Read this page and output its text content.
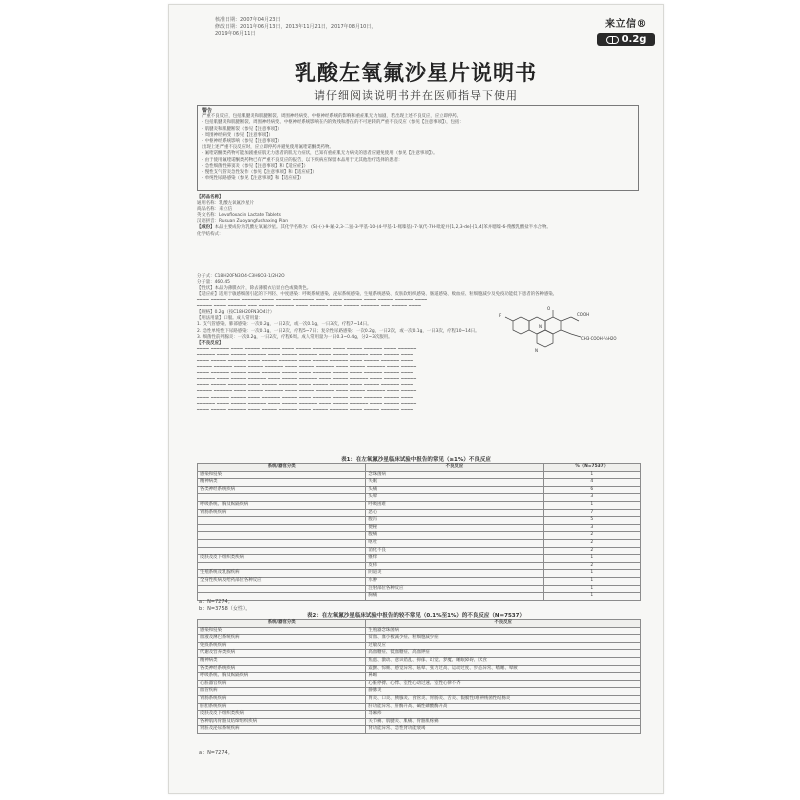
核准日期：2007年04月23日
修改日期：2011年06月13日，2013年11月21日，2017年08月10日，
2019年06月11日
来立信®
0.2g
乳酸左氧氟沙星片说明书
请仔细阅读说明书并在医师指导下使用
警告
严重不良反应，包括肌腱炎和肌腱断裂、周围神经病变、中枢神经系统的影响和重症肌无力加剧，若出现上述不良反应，应立即停药。
· 包括肌腱炎和肌腱断裂、周围神经病变、中枢神经系统影响在内的致残和潜在的不可逆转的严重不良反应（参见【注意事项】），包括：
· 肌腱炎和肌腱断裂（参见【注意事项】）
· 周围神经病变（参见【注意事项】）
· 中枢神经系统影响（参见【注意事项】）
出现上述严重不良反应时，应立即停药并避免使用氟喹诺酮类药物。
· 氟喹诺酮类药物可能加剧重症肌无力患者的肌无力症状，已知有重症肌无力病史的患者应避免使用（参见【注意事项】）。
· 由于使用氟喹诺酮类药物已有严重不良反应的报告，以下疾病应保留本品用于无其他治疗选择的患者：
· 急性细菌性鼻窦炎（参见【注意事项】和【适应症】）
· 慢性支气管炎急性发作（参见【注意事项】和【适应症】）
· 单纯性尿路感染（参见【注意事项】和【适应症】）
【药品名称】
通用名称：乳酸左氧氟沙星片
商品名称：来立信
英文名称：Levofloxacin Lactate Tablets
汉语拼音：Rusuan Zuoyangfushaxing Pian
【成份】本品主要成份为乳酸左氧氟沙星。其化学名称为：(S)-(-)-9-氟-2,3-二氢-3-甲基-10-(4-甲基-1-哌嗪基)-7-氧代-7H-吡啶并[1,2,3-de]-[1,4]苯并噁嗪-6-羧酸乳酸盐半水合物。
化学结构式：
分子式：C18H20FN3O4·C3H6O3·1/2H2O
分子量：460.45
【性状】本品为薄膜衣片，除去薄膜衣后显白色或微黄色。
【适应症】适用于敏感细菌引起的下列轻、中度感染：呼吸系统感染、泌尿系统感染、生殖系统感染、皮肤软组织感染、肠道感染、败血症、粒细胞减少及免疫功能低下患者的各种感染。
━━━━ ━━━━━ ━━━━ ━━━━━━ ━━━━ ━━━━━ ━━━━━━━ ━━━ ━━━━━ ━━━━━━ ━━━━ ━━━━━ ━━━━━━ ━━━━
━━━━━ ━━━━ ━━━━━━ ━━━ ━━━━━ ━━━━━━ ━━━━ ━━━━━━ ━━━━ ━━━━━ ━━━━━━ ━━━ ━━━━━ ━━━━
【规格】0.2g（按C18H20FN3O4计）
【用法用量】口服。成人常用量：
1. 支气管感染、肺部感染：一次0.2g，一日2次，或一次0.1g，一日3次，疗程7~14日。
2. 急性单纯性下尿路感染：一次0.1g，一日2次，疗程5~7日；复杂性尿路感染：一次0.2g，一日2次，或一次0.1g，一日3次，疗程10~14日。
3. 细菌性前列腺炎：一次0.2g，一日2次，疗程6周。成人常用量为一日0.3~0.4g，分2~3次服用。
【不良反应】
━━━━ ━━━━━━ ━━━━ ━━━━━ ━━━━━━ ━━━━ ━━━━━ ━━━━━━ ━━━━ ━━━━━ ━━━━━━ ━━━━ ━━━━━━
━━━━━━ ━━━━ ━━━━━ ━━━━━━ ━━━━ ━━━━━ ━━━━━━ ━━━━ ━━━━━ ━━━━━━ ━━━━ ━━━━━ ━━━━
━━━━ ━━━━━ ━━━━━━ ━━━━ ━━━━━ ━━━━━━ ━━━━ ━━━━━ ━━━━━━ ━━━━ ━━━━━ ━━━━━━ ━━━━
━━━━━ ━━━━━━ ━━━━ ━━━━━ ━━━━━━ ━━━━ ━━━━━ ━━━━━━ ━━━━ ━━━━━ ━━━━━━ ━━━━ ━━━━━
━━━━ ━━━━━━ ━━━━━ ━━━━ ━━━━━━ ━━━━━ ━━━━ ━━━━━━ ━━━━━ ━━━━ ━━━━━━ ━━━━━ ━━━━
━━━━━━ ━━━━ ━━━━━ ━━━━━━ ━━━━ ━━━━━ ━━━━━━ ━━━━ ━━━━━ ━━━━━━ ━━━━ ━━━━━ ━━━━━
━━━━ ━━━━━ ━━━━━━ ━━━━ ━━━━━ ━━━━━━ ━━━━ ━━━━━ ━━━━━━ ━━━━ ━━━━━ ━━━━━━ ━━━━
━━━━━ ━━━━━━ ━━━━ ━━━━━ ━━━━━━ ━━━━ ━━━━━ ━━━━━━ ━━━━ ━━━━━ ━━━━━━ ━━━━ ━━━━━
━━━━ ━━━━━━ ━━━━━ ━━━━ ━━━━━━ ━━━━━ ━━━━ ━━━━━━ ━━━━━ ━━━━ ━━━━━━ ━━━━━ ━━━━
━━━━━━ ━━━━ ━━━━━ ━━━━━━ ━━━━ ━━━━━ ━━━━━━ ━━━━ ━━━━━ ━━━━━━ ━━━━ ━━━━━ ━━━━━
━━━━ ━━━━━ ━━━━━━ ━━━━ ━━━━━ ━━━━━━ ━━━━ ━━━━━ ━━━━━━ ━━━━ ━━━━━ ━━━━━━ ━━━━
O
COOH
F
CH3·COOH·½H2O
N
N
表1：在左氧氟沙星临床试验中报告的常见（≥1%）不良反应
系统/器官分类	不良反应	%（N=7537）
感染和侵染	念珠菌病	1
精神病类	失眠	4
各类神经系统疾病	头痛	6
	头晕	3
呼吸系统、胸及纵隔疾病	呼吸困难	1
胃肠系统疾病	恶心	7
	腹泻	5
	便秘	3
	腹痛	2
	呕吐	2
	消化不良	2
皮肤及皮下组织类疾病	瘙痒	1
	皮疹	2
生殖系统及乳腺疾病	阴道炎	1
全身性疾病及给药部位各种反应	水肿	1
	注射部位各种反应	1
	胸痛	1
a：N=7274。
b：N=3758（女性）。
表2：在左氧氟沙星临床试验中报告的较不常见（0.1%至1%）的不良反应（N=7537）
系统/器官分类	不良反应
感染和侵染	生殖器念珠菌病
血液及淋巴系统疾病	贫血、血小板减少症、粒细胞减少症
免疫系统疾病	过敏反应
代谢及营养类疾病	高血糖症、低血糖症、高血钾症
精神病类	焦虑、激动、意识错乱、抑郁、幻觉、梦魇、睡眠障碍、厌食
各类神经系统疾病	震颤、惊厥、感觉异常、眩晕、张力过高、运动过度、步态异常、嗜睡、晕厥
呼吸系统、胸及纵隔疾病	鼻衄
心脏器官疾病	心脏停搏、心悸、室性心动过速、室性心律不齐
血管疾病	静脉炎
胃肠系统疾病	胃炎、口炎、胰腺炎、食管炎、胃肠炎、舌炎、假膜性/难辨梭菌性结肠炎
肝胆系统疾病	肝功能异常、肝酶升高、碱性磷酸酶升高
皮肤及皮下组织类疾病	荨麻疹
各种肌肉骨骼及结缔组织疾病	关节痛、肌腱炎、肌痛、骨骼肌疼痛
肾脏及泌尿系统疾病	肾功能异常、急性肾功能衰竭
a：N=7274。
